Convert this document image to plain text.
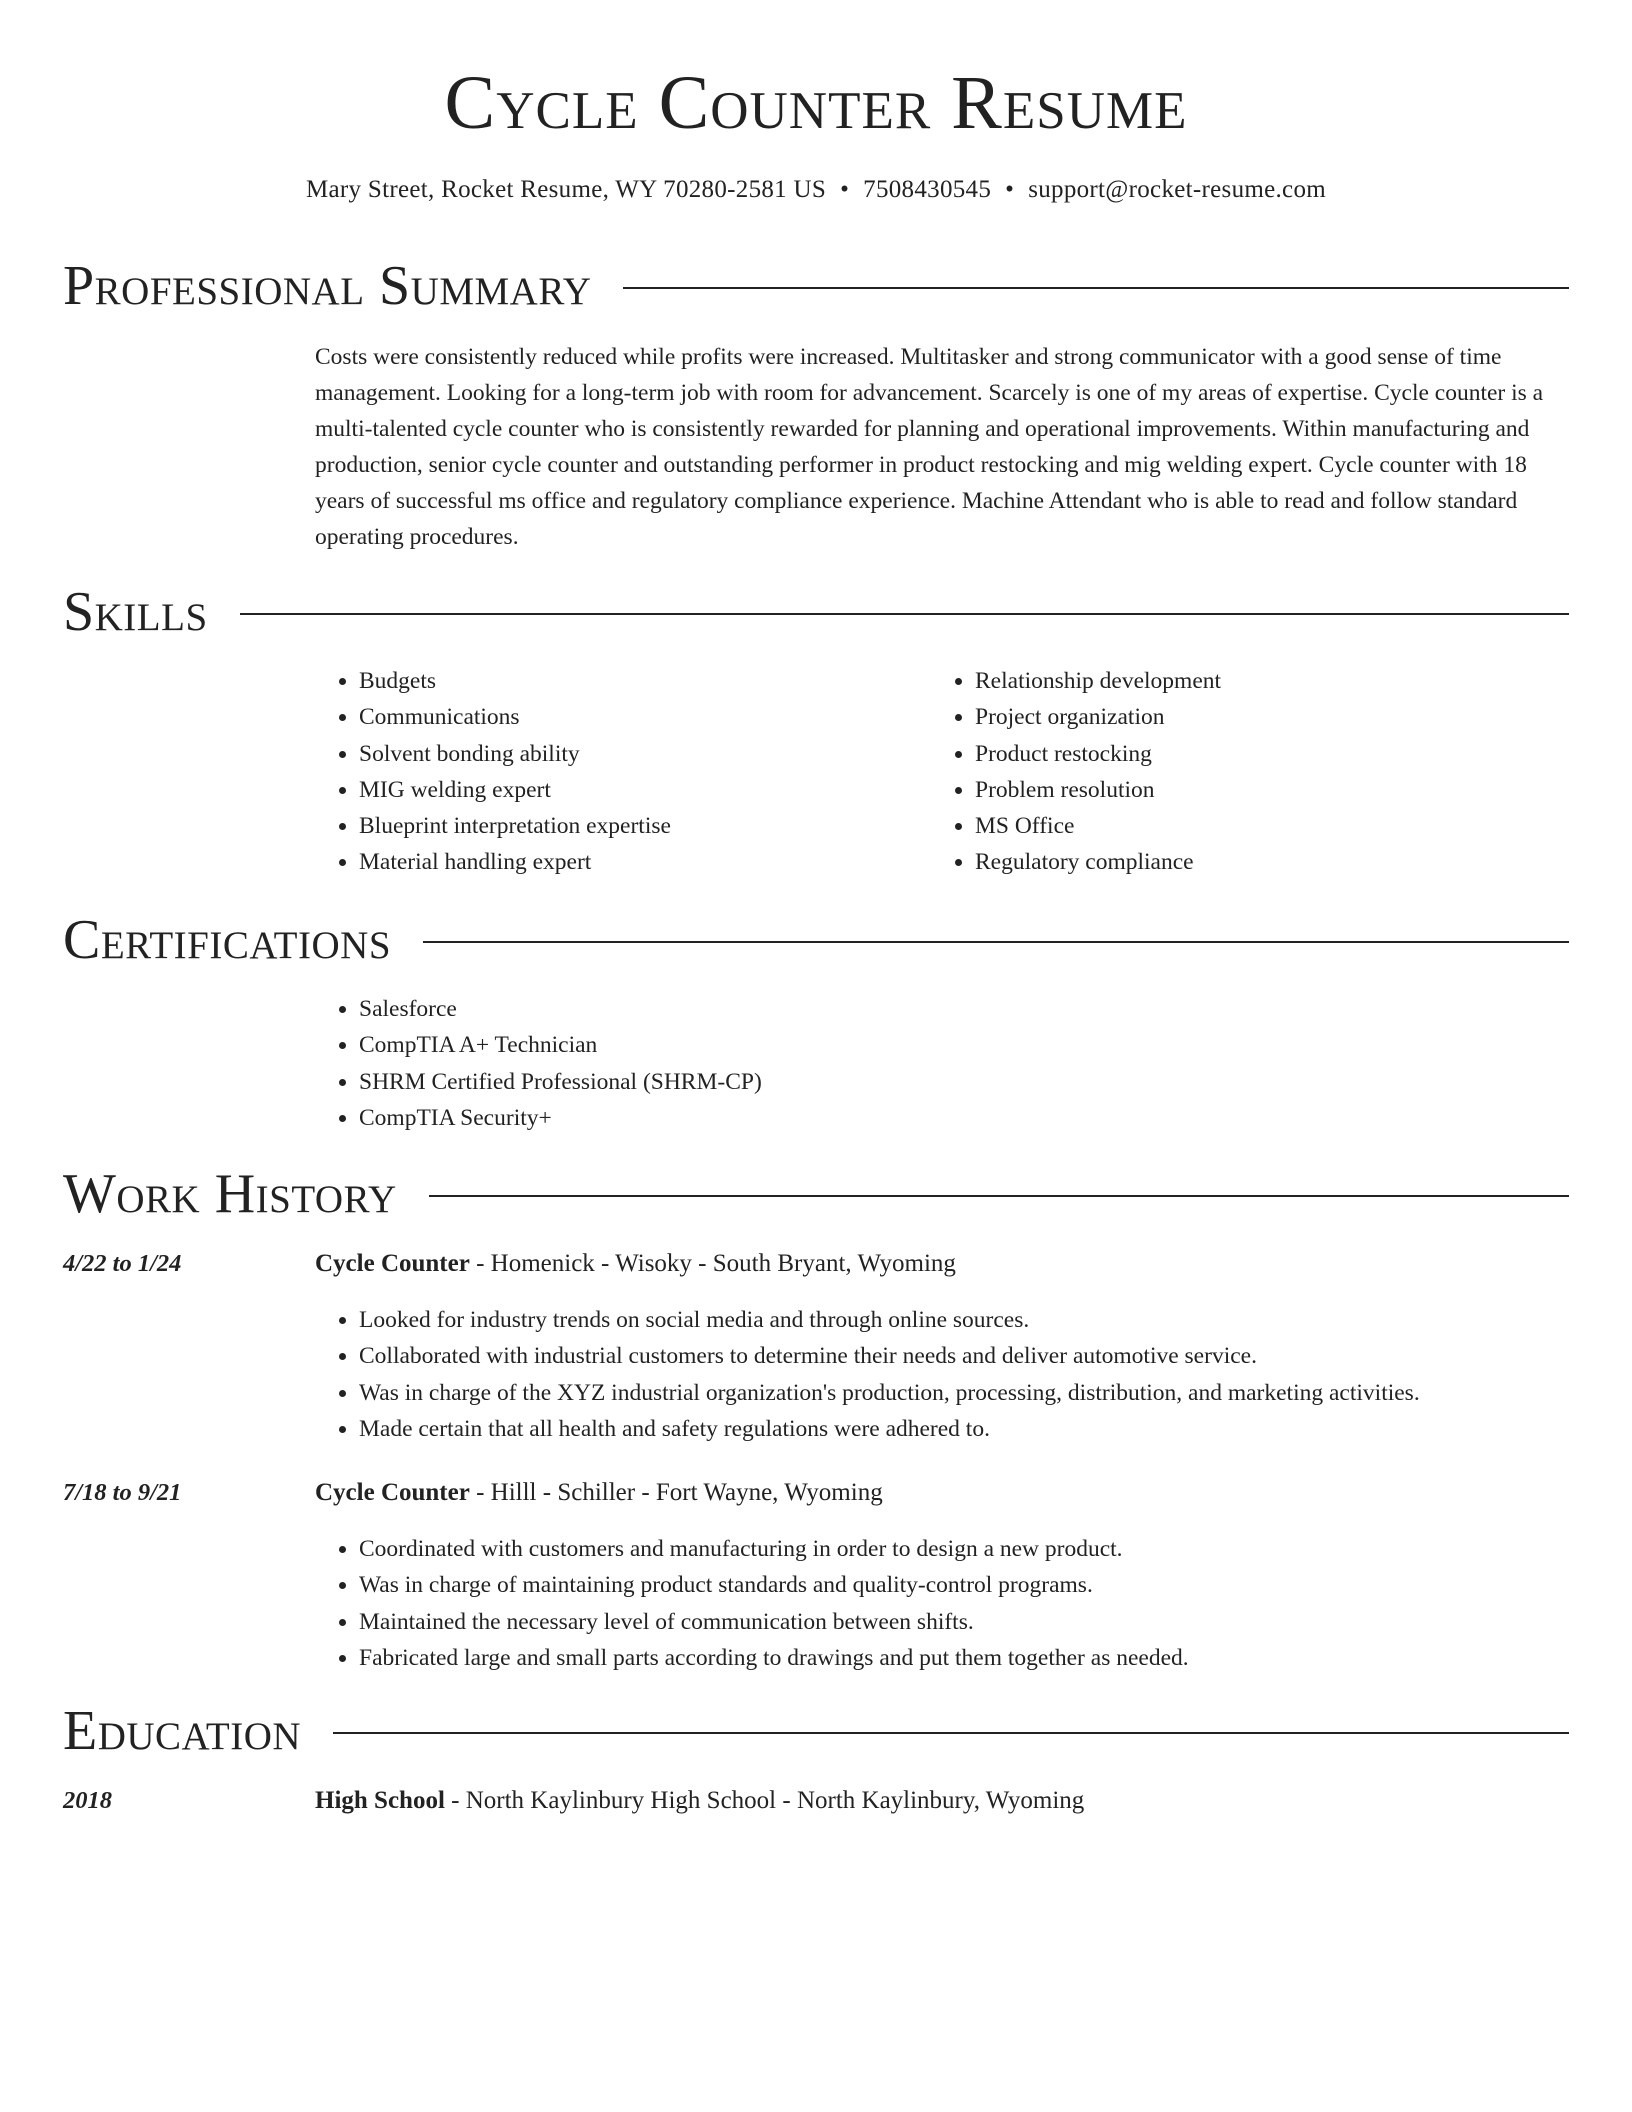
Cycle Counter Resume
Mary Street, Rocket Resume, WY 70280-2581 US • 7508430545 • support@rocket-resume.com
Professional Summary

Costs were consistently reduced while profits were increased. Multitasker and strong communicator with a good sense of time management. Looking for a long-term job with room for advancement. Scarcely is one of my areas of expertise. Cycle counter is a multi-talented cycle counter who is consistently rewarded for planning and operational improvements. Within manufacturing and production, senior cycle counter and outstanding performer in product restocking and mig welding expert. Cycle counter with 18 years of successful ms office and regulatory compliance experience. Machine Attendant who is able to read and follow standard operating procedures.

Skills
• Budgets
• Communications
• Solvent bonding ability
• MIG welding expert
• Blueprint interpretation expertise
• Material handling expert
• Relationship development
• Project organization
• Product restocking
• Problem resolution
• MS Office
• Regulatory compliance
Certifications
• Salesforce
• CompTIA A+ Technician
• SHRM Certified Professional (SHRM-CP)
• CompTIA Security+
Work History
4/22 to 1/24	Cycle Counter - Homenick - Wisoky - South Bryant, Wyoming
• Looked for industry trends on social media and through online sources.
• Collaborated with industrial customers to determine their needs and deliver automotive service.
• Was in charge of the XYZ industrial organization's production, processing, distribution, and marketing activities.
• Made certain that all health and safety regulations were adhered to.
7/18 to 9/21	Cycle Counter - Hilll - Schiller - Fort Wayne, Wyoming
• Coordinated with customers and manufacturing in order to design a new product.
• Was in charge of maintaining product standards and quality-control programs.
• Maintained the necessary level of communication between shifts.
• Fabricated large and small parts according to drawings and put them together as needed.
Education
2018	High School - North Kaylinbury High School - North Kaylinbury, Wyoming
